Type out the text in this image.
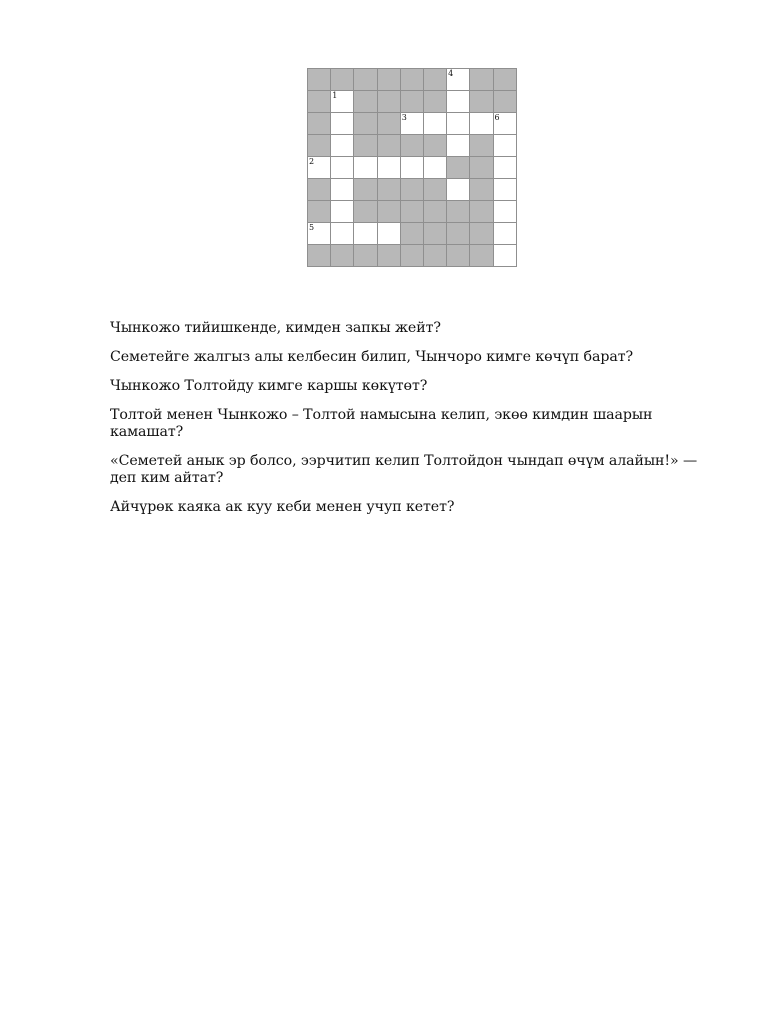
						4		

	1							

				3				6

2								

5								

Чынкожо тийишкенде, кимден запкы жейт?
Семетейге жалгыз алы келбесин билип, Чынчоро кимге көчүп барат?
Чынкожо Толтойду кимге каршы көкүтөт?
Толтой менен Чынкожо – Толтой намысына келип, экөө кимдин шаарын камашат?
«Семетей анык эр болсо, ээрчитип келип Толтойдон чындап өчүм алайын!» — деп ким айтат?
Айчүрөк каяка ак куу кеби менен учуп кетет?
